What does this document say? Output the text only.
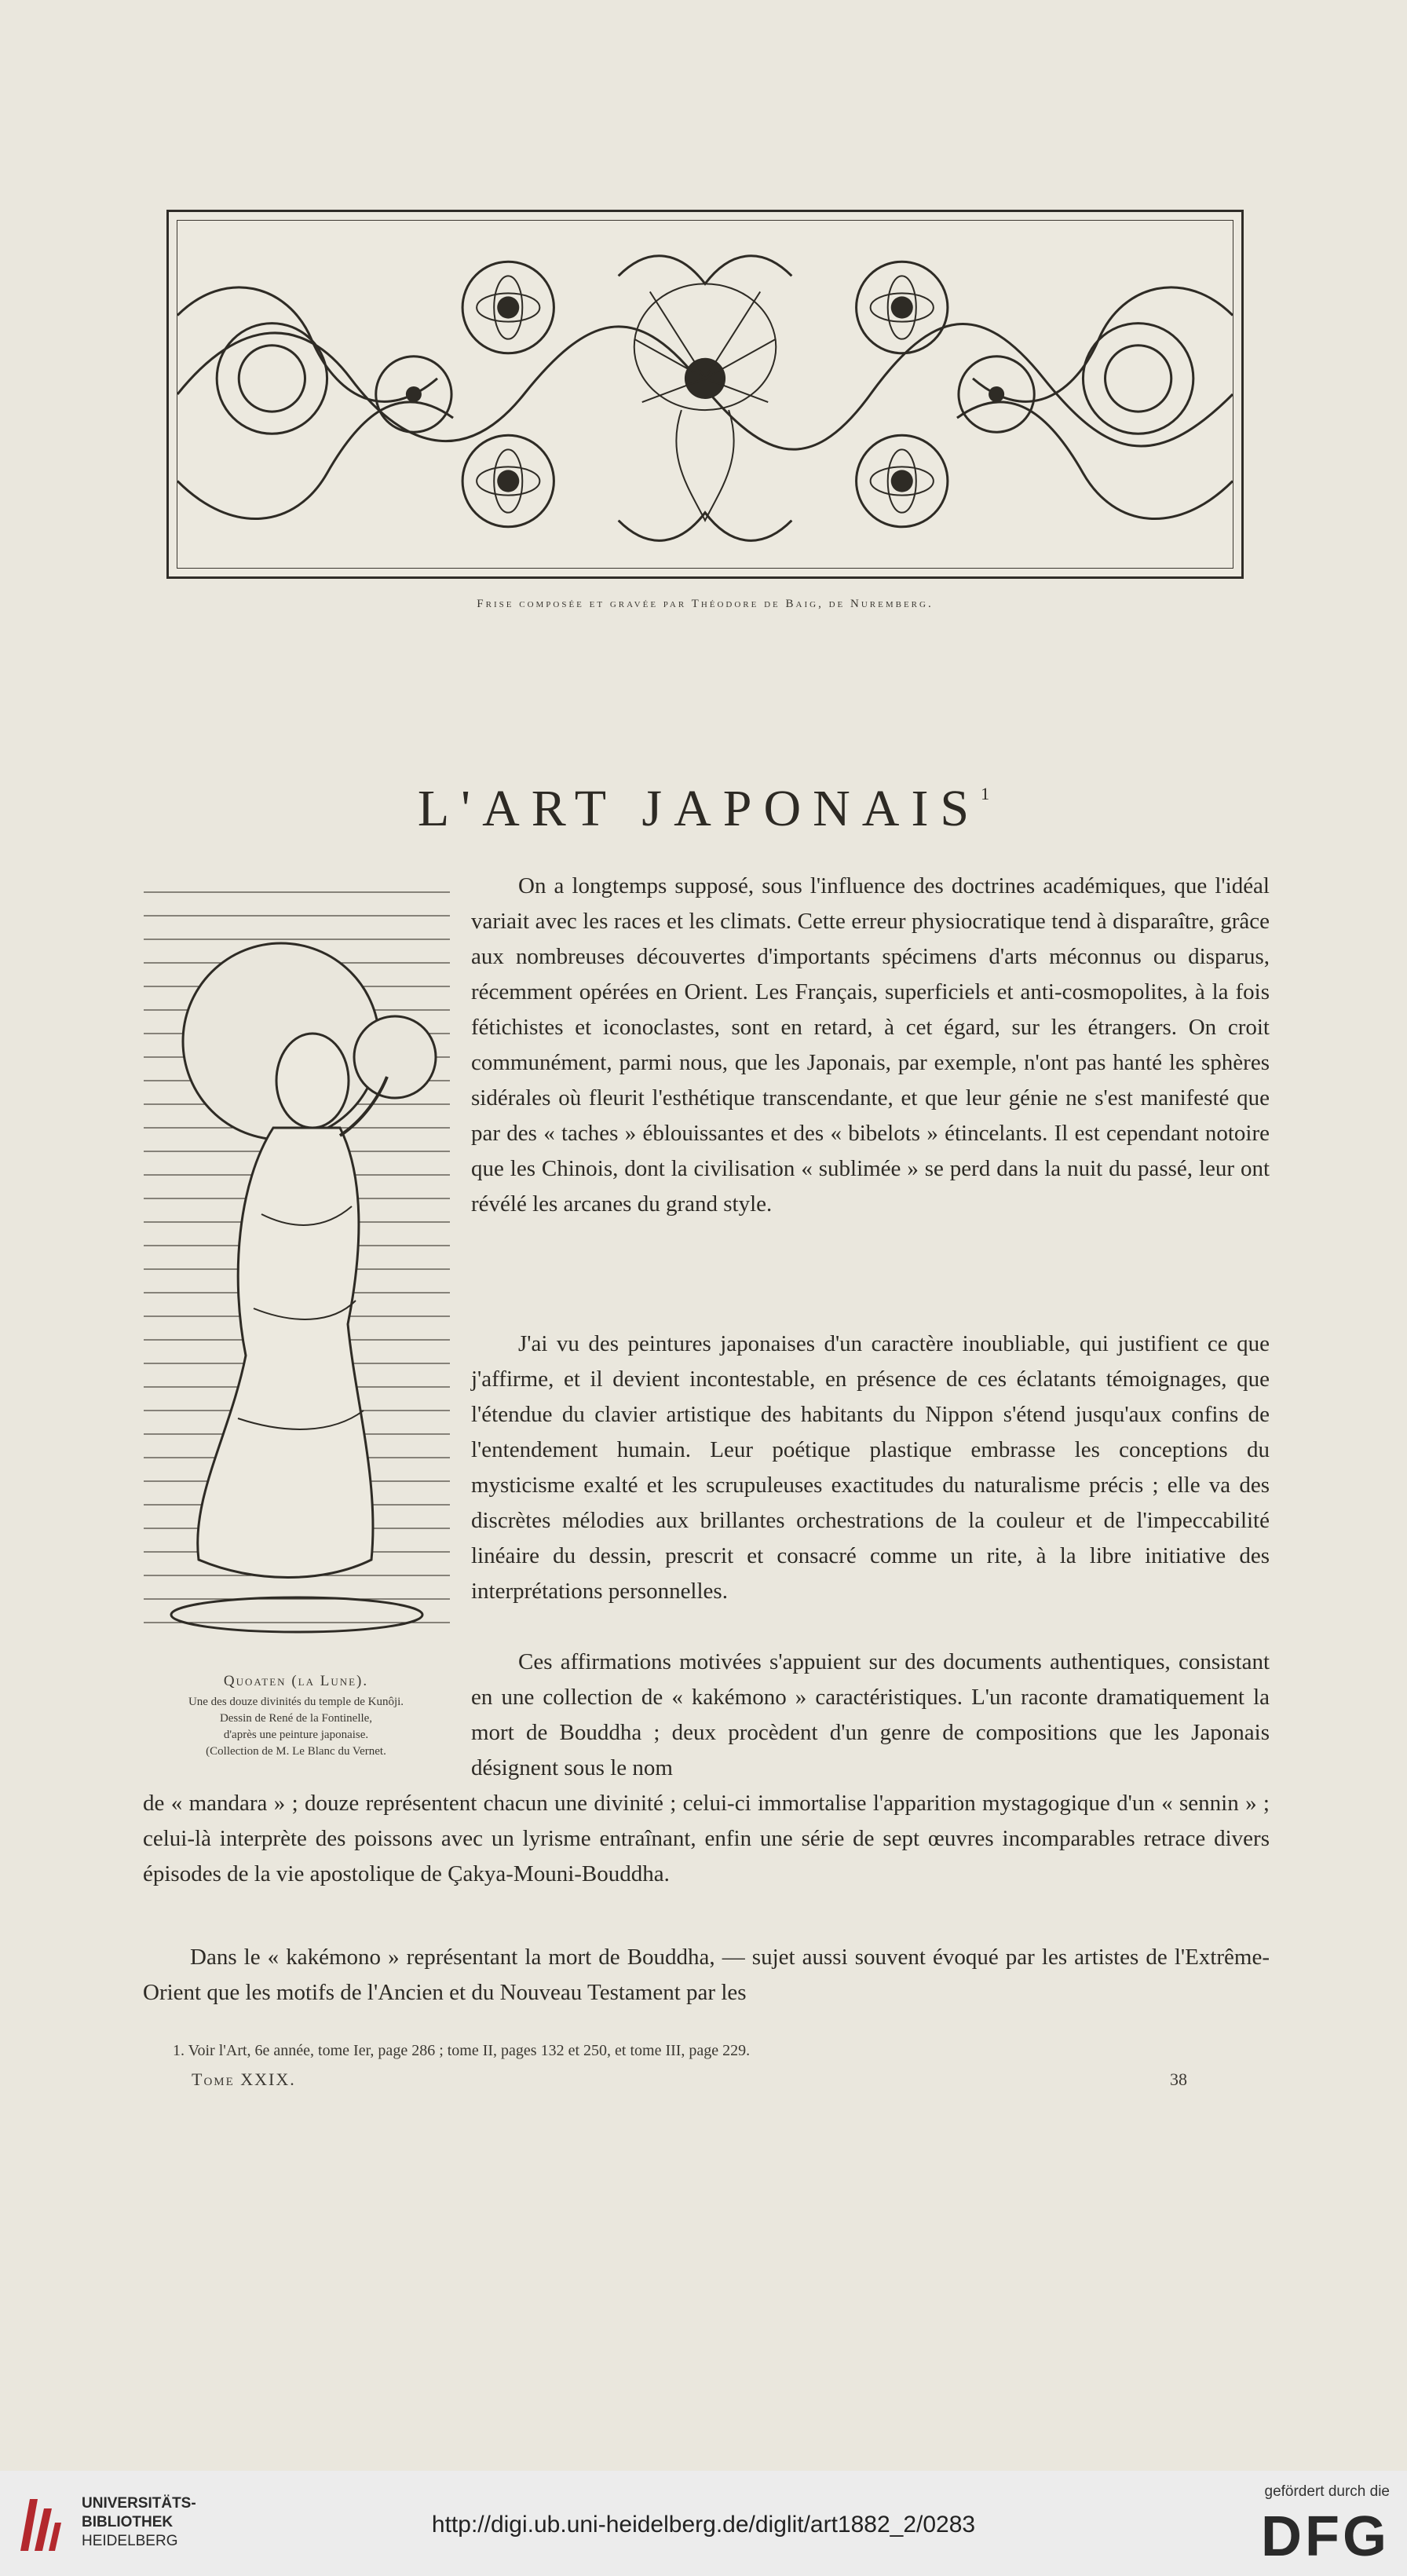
Frise composée et gravée par Théodore de Baig, de Nuremberg.
L'ART JAPONAIS$^1$
Quoaten (la Lune).
Une des douze divinités du temple de Kunôji.
Dessin de René de la Fontinelle,
d'après une peinture japonaise.
(Collection de M. Le Blanc du Vernet.

On a longtemps supposé, sous l'influence des doctrines académiques, que l'idéal variait avec les races et les climats. Cette erreur physiocratique tend à disparaître, grâce aux nombreuses découvertes d'importants spécimens d'arts méconnus ou disparus, récemment opérées en Orient. Les Français, superficiels et anti-cosmopolites, à la fois fétichistes et iconoclastes, sont en retard, à cet égard, sur les étrangers. On croit communément, parmi nous, que les Japonais, par exemple, n'ont pas hanté les sphères sidérales où fleurit l'esthétique transcendante, et que leur génie ne s'est manifesté que par des « taches » éblouissantes et des « bibelots » étincelants. Il est cependant notoire que les Chinois, dont la civilisation « sublimée » se perd dans la nuit du passé, leur ont révélé les arcanes du grand style.

J'ai vu des peintures japonaises d'un caractère inoubliable, qui justifient ce que j'affirme, et il devient incontestable, en présence de ces éclatants témoignages, que l'étendue du clavier artistique des habitants du Nippon s'étend jusqu'aux confins de l'entendement humain. Leur poétique plastique embrasse les conceptions du mysticisme exalté et les scrupuleuses exactitudes du naturalisme précis ; elle va des discrètes mélodies aux brillantes orchestrations de la couleur et de l'impeccabilité linéaire du dessin, prescrit et consacré comme un rite, à la libre initiative des interprétations personnelles.

Ces affirmations motivées s'appuient sur des documents authentiques, consistant en une collection de « kakémono » caractéristiques. L'un raconte dramatiquement la mort de Bouddha ; deux procèdent d'un genre de compositions que les Japonais désignent sous le nom

de « mandara » ; douze représentent chacun une divinité ; celui-ci immortalise l'apparition mystagogique d'un « sennin » ; celui-là interprète des poissons avec un lyrisme entraînant, enfin une série de sept œuvres incomparables retrace divers épisodes de la vie apostolique de Çakya-Mouni-Bouddha.

Dans le « kakémono » représentant la mort de Bouddha, — sujet aussi souvent évoqué par les artistes de l'Extrême-Orient que les motifs de l'Ancien et du Nouveau Testament par les

1. Voir l'Art, 6e année, tome Ier, page 286 ; tome II, pages 132 et 250, et tome III, page 229.
Tome XXIX.	38
UNIVERSITÄTS-
BIBLIOTHEK
HEIDELBERG
http://digi.ub.uni-heidelberg.de/diglit/art1882_2/0283
gefördert durch die
DFG
